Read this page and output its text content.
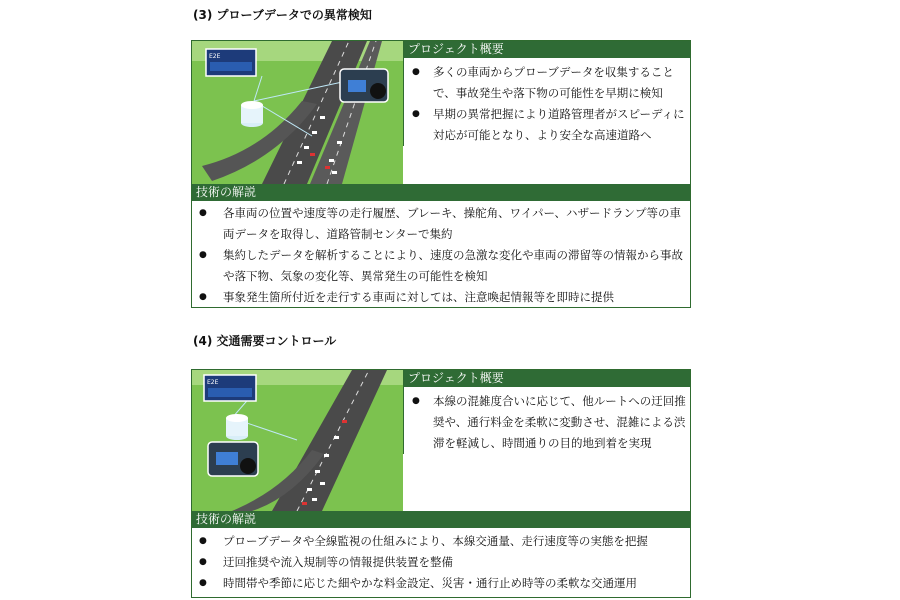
(3) プローブデータでの異常検知
E2E
プロジェクト概要
● 多くの車両からプローブデータを収集することで、事故発生や落下物の可能性を早期に検知
● 早期の異常把握により道路管理者がスピーディに対応が可能となり、より安全な高速道路へ
技術の解説
● 各車両の位置や速度等の走行履歴、ブレーキ、操舵角、ワイパー、ハザードランプ等の車両データを取得し、道路管制センターで集約
● 集約したデータを解析することにより、速度の急激な変化や車両の滞留等の情報から事故や落下物、気象の変化等、異常発生の可能性を検知
● 事象発生箇所付近を走行する車両に対しては、注意喚起情報等を即時に提供
(4) 交通需要コントロール
E2E	プロジェクト概要
● 本線の混雑度合いに応じて、他ルートへの迂回推奨や、通行料金を柔軟に変動させ、混雑による渋滞を軽減し、時間通りの目的地到着を実現
技術の解説
● プローブデータや全線監視の仕組みにより、本線交通量、走行速度等の実態を把握
● 迂回推奨や流入規制等の情報提供装置を整備
● 時間帯や季節に応じた細やかな料金設定、災害・通行止め時等の柔軟な交通運用
